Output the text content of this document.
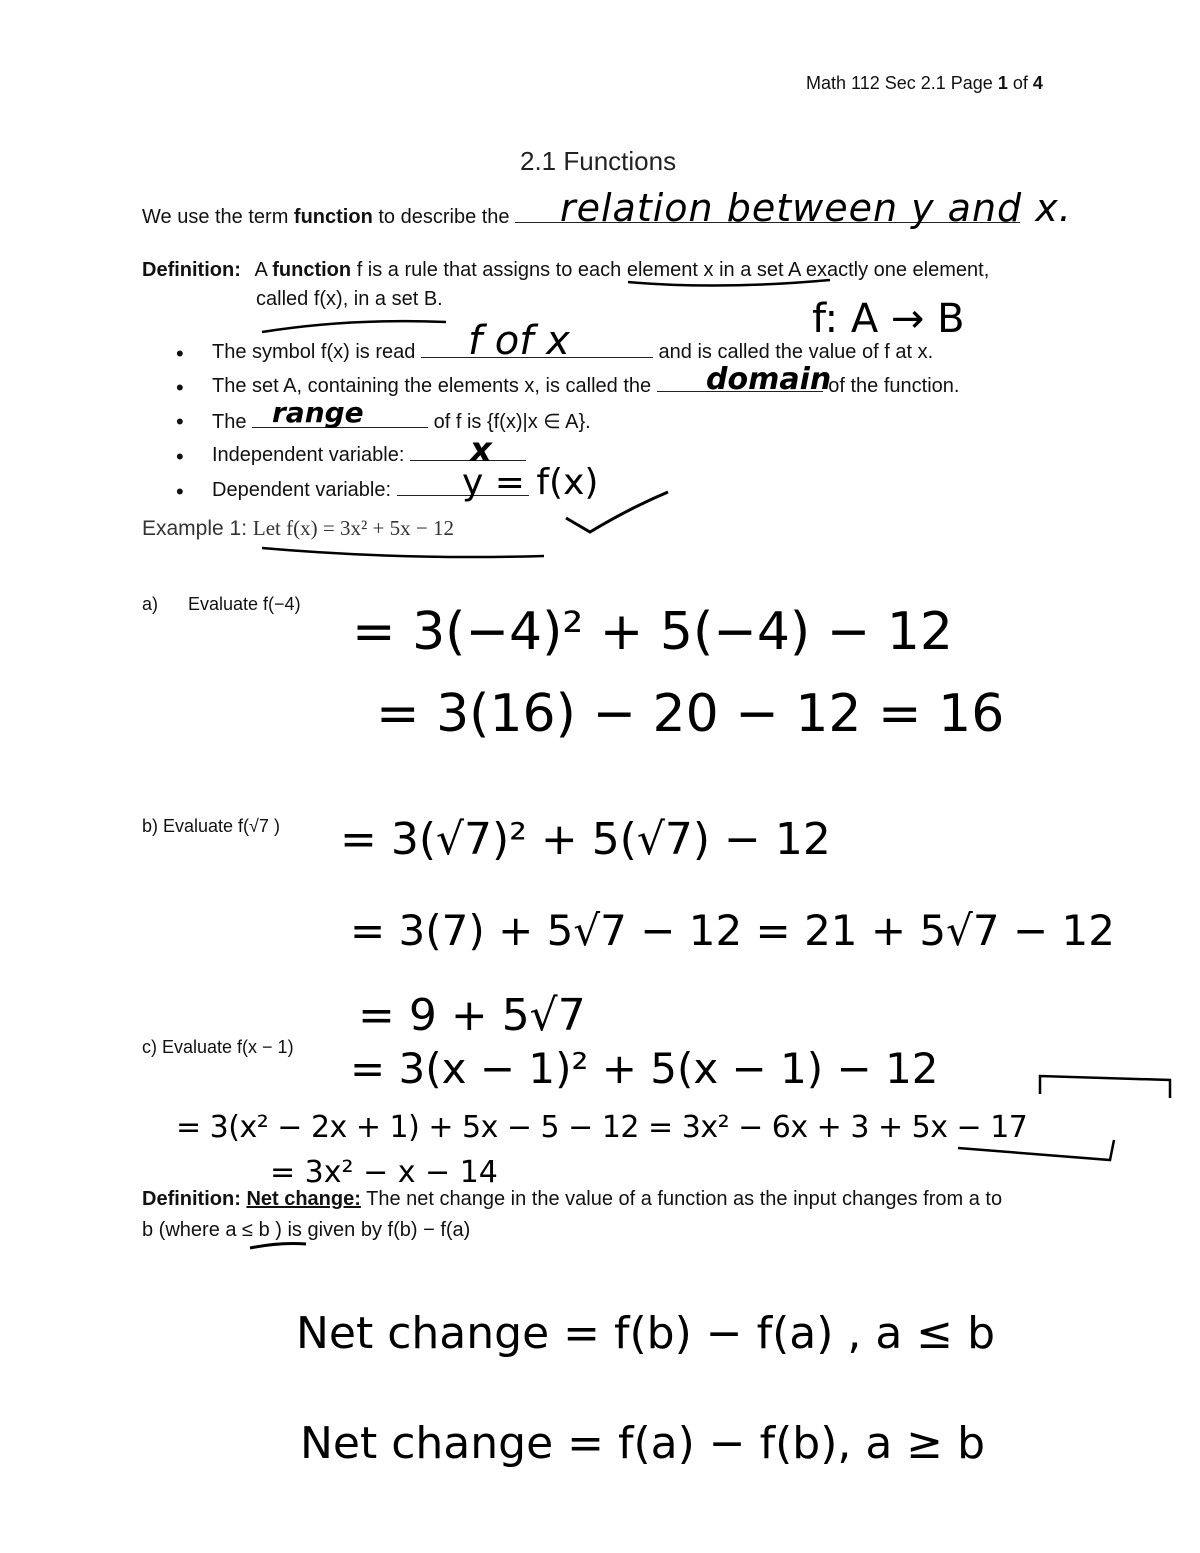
Math 112 Sec 2.1 Page 1 of 4
2.1 Functions
We use the term function to describe the	relation between y and x.
Definition: A function f is a rule that assigns to each element x in a set A exactly one element,
called f(x), in a set B.	f: A → B
• The symbol f(x) is read	and is called the value of f at x.
f of x
• The set A, containing the elements x, is called the	of the function.
domain
• The	of f is {f(x)|x ∈ A}.
range
• Independent variable:	x
• Dependent variable:	y = f(x)
Example 1: Let f(x) = 3x² + 5x − 12
a) Evaluate f(−4) = 3(−4)² + 5(−4) − 12
= 3(16) − 20 − 12 = 16
b) Evaluate f(√7 ) = 3(√7)² + 5(√7) − 12
= 3(7) + 5√7 − 12 = 21 + 5√7 − 12
= 9 + 5√7
c) Evaluate f(x − 1) = 3(x − 1)² + 5(x − 1) − 12
= 3(x² − 2x + 1) + 5x − 5 − 12 = 3x² − 6x + 3 + 5x − 17
= 3x² − x − 14
Definition: Net change: The net change in the value of a function as the input changes from a to
b (where a ≤ b ) is given by f(b) − f(a)
Net change = f(b) − f(a) , a ≤ b
Net change = f(a) − f(b), a ≥ b
